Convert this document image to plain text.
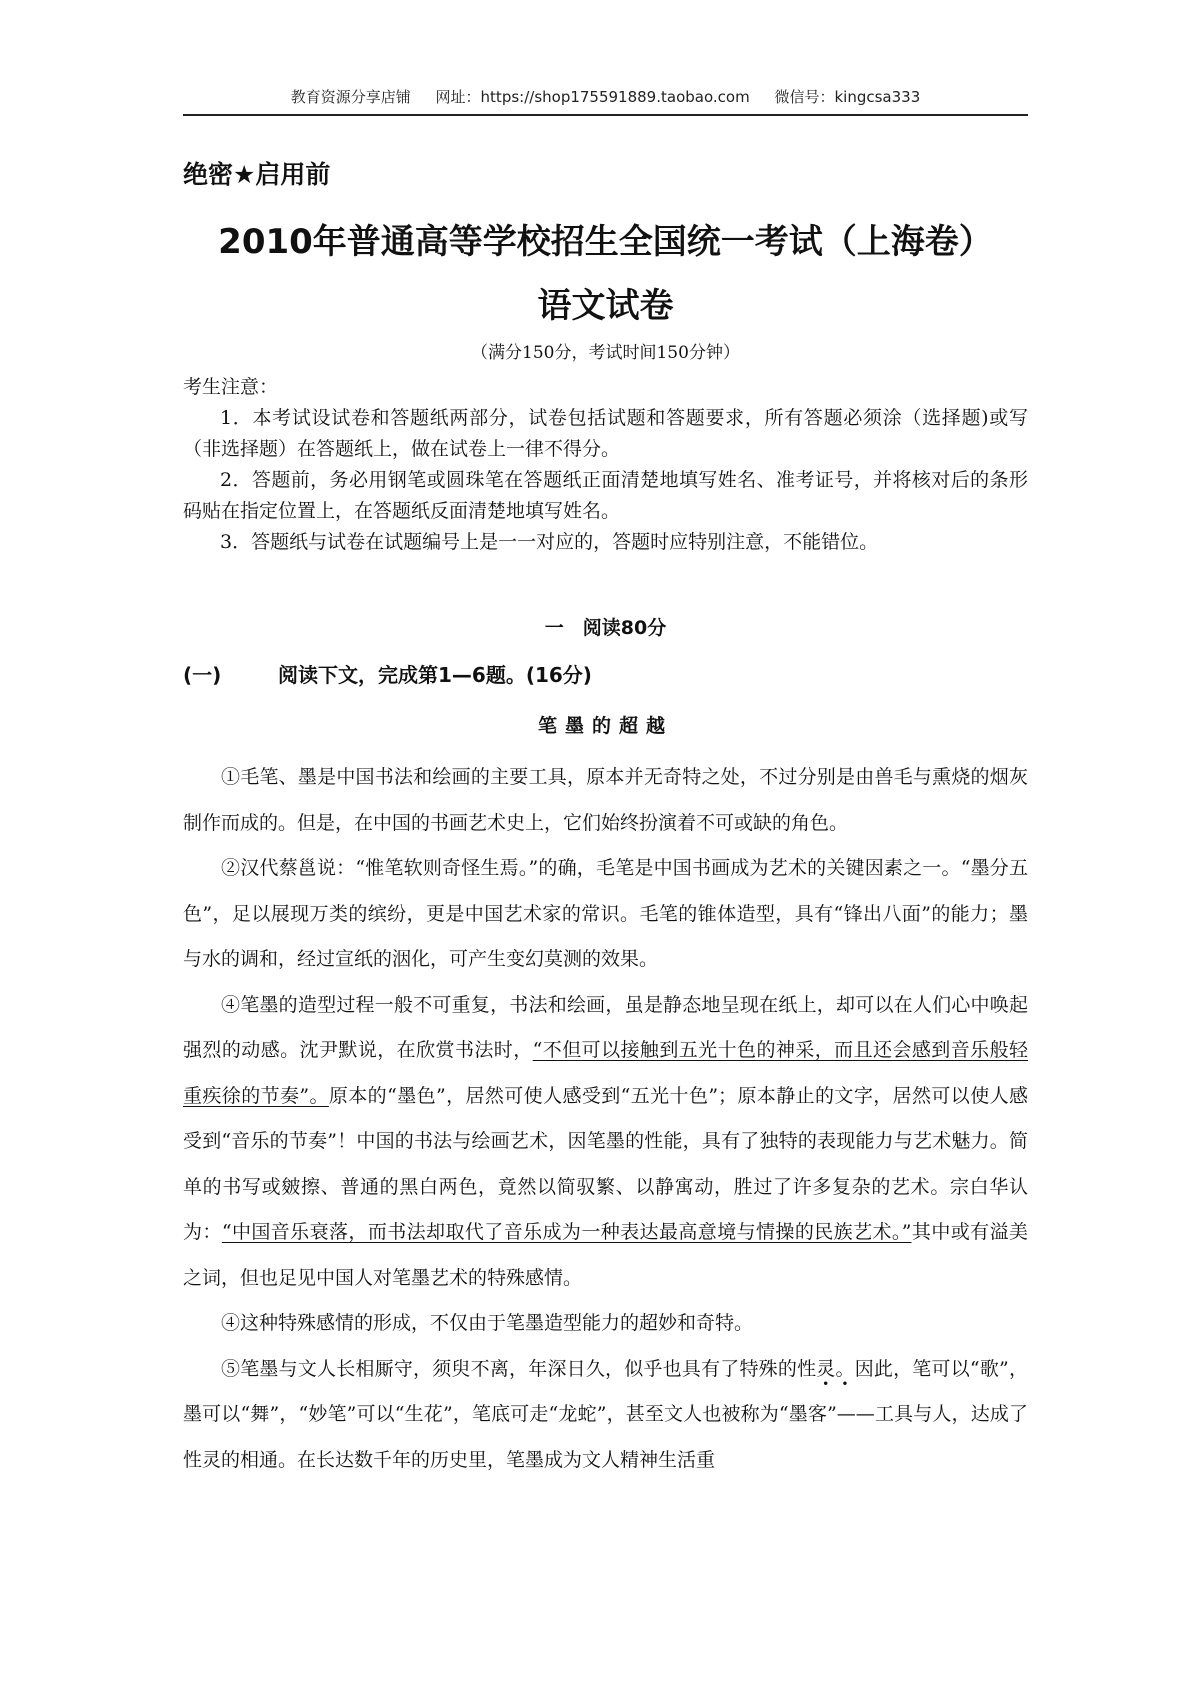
教育资源分享店铺 网址：https://shop175591889.taobao.com 微信号：kingcsa333
绝密★启用前
2010年普通高等学校招生全国统一考试（上海卷）
语文试卷
（满分150分，考试时间150分钟）

考生注意：

1．本考试设试卷和答题纸两部分，试卷包括试题和答题要求，所有答题必须涂（选择题)或写（非选择题）在答题纸上，做在试卷上一律不得分。

2．答题前，务必用钢笔或圆珠笔在答题纸正面清楚地填写姓名、准考证号，并将核对后的条形码贴在指定位置上，在答题纸反面清楚地填写姓名。

3．答题纸与试卷在试题编号上是一一对应的，答题时应特别注意，不能错位。

一　阅读80分
(一)	阅读下文，完成第1—6题。(16分)
笔墨的超越

①毛笔、墨是中国书法和绘画的主要工具，原本并无奇特之处，不过分别是由兽毛与熏烧的烟灰制作而成的。但是，在中国的书画艺术史上，它们始终扮演着不可或缺的角色。

②汉代蔡邕说：“惟笔软则奇怪生焉。”的确，毛笔是中国书画成为艺术的关键因素之一。“墨分五色”，足以展现万类的缤纷，更是中国艺术家的常识。毛笔的锥体造型，具有“锋出八面”的能力；墨与水的调和，经过宣纸的洇化，可产生变幻莫测的效果。

④笔墨的造型过程一般不可重复，书法和绘画，虽是静态地呈现在纸上，却可以在人们心中唤起强烈的动感。沈尹默说，在欣赏书法时，“不但可以接触到五光十色的神采，而且还会感到音乐般轻重疾徐的节奏”。原本的“墨色”，居然可使人感受到“五光十色”；原本静止的文字，居然可以使人感受到“音乐的节奏”！中国的书法与绘画艺术，因笔墨的性能，具有了独特的表现能力与艺术魅力。简单的书写或皴擦、普通的黑白两色，竟然以简驭繁、以静寓动，胜过了许多复杂的艺术。宗白华认为：“中国音乐衰落，而书法却取代了音乐成为一种表达最高意境与情操的民族艺术。”其中或有溢美之词，但也足见中国人对笔墨艺术的特殊感情。

④这种特殊感情的形成，不仅由于笔墨造型能力的超妙和奇特。

⑤笔墨与文人长相厮守，须臾不离，年深日久，似乎也具有了特殊的性灵。因此，笔可以“歌”，墨可以“舞”，“妙笔”可以“生花”，笔底可走“龙蛇”，甚至文人也被称为“墨客”——工具与人，达成了性灵的相通。在长达数千年的历史里，笔墨成为文人精神生活重
